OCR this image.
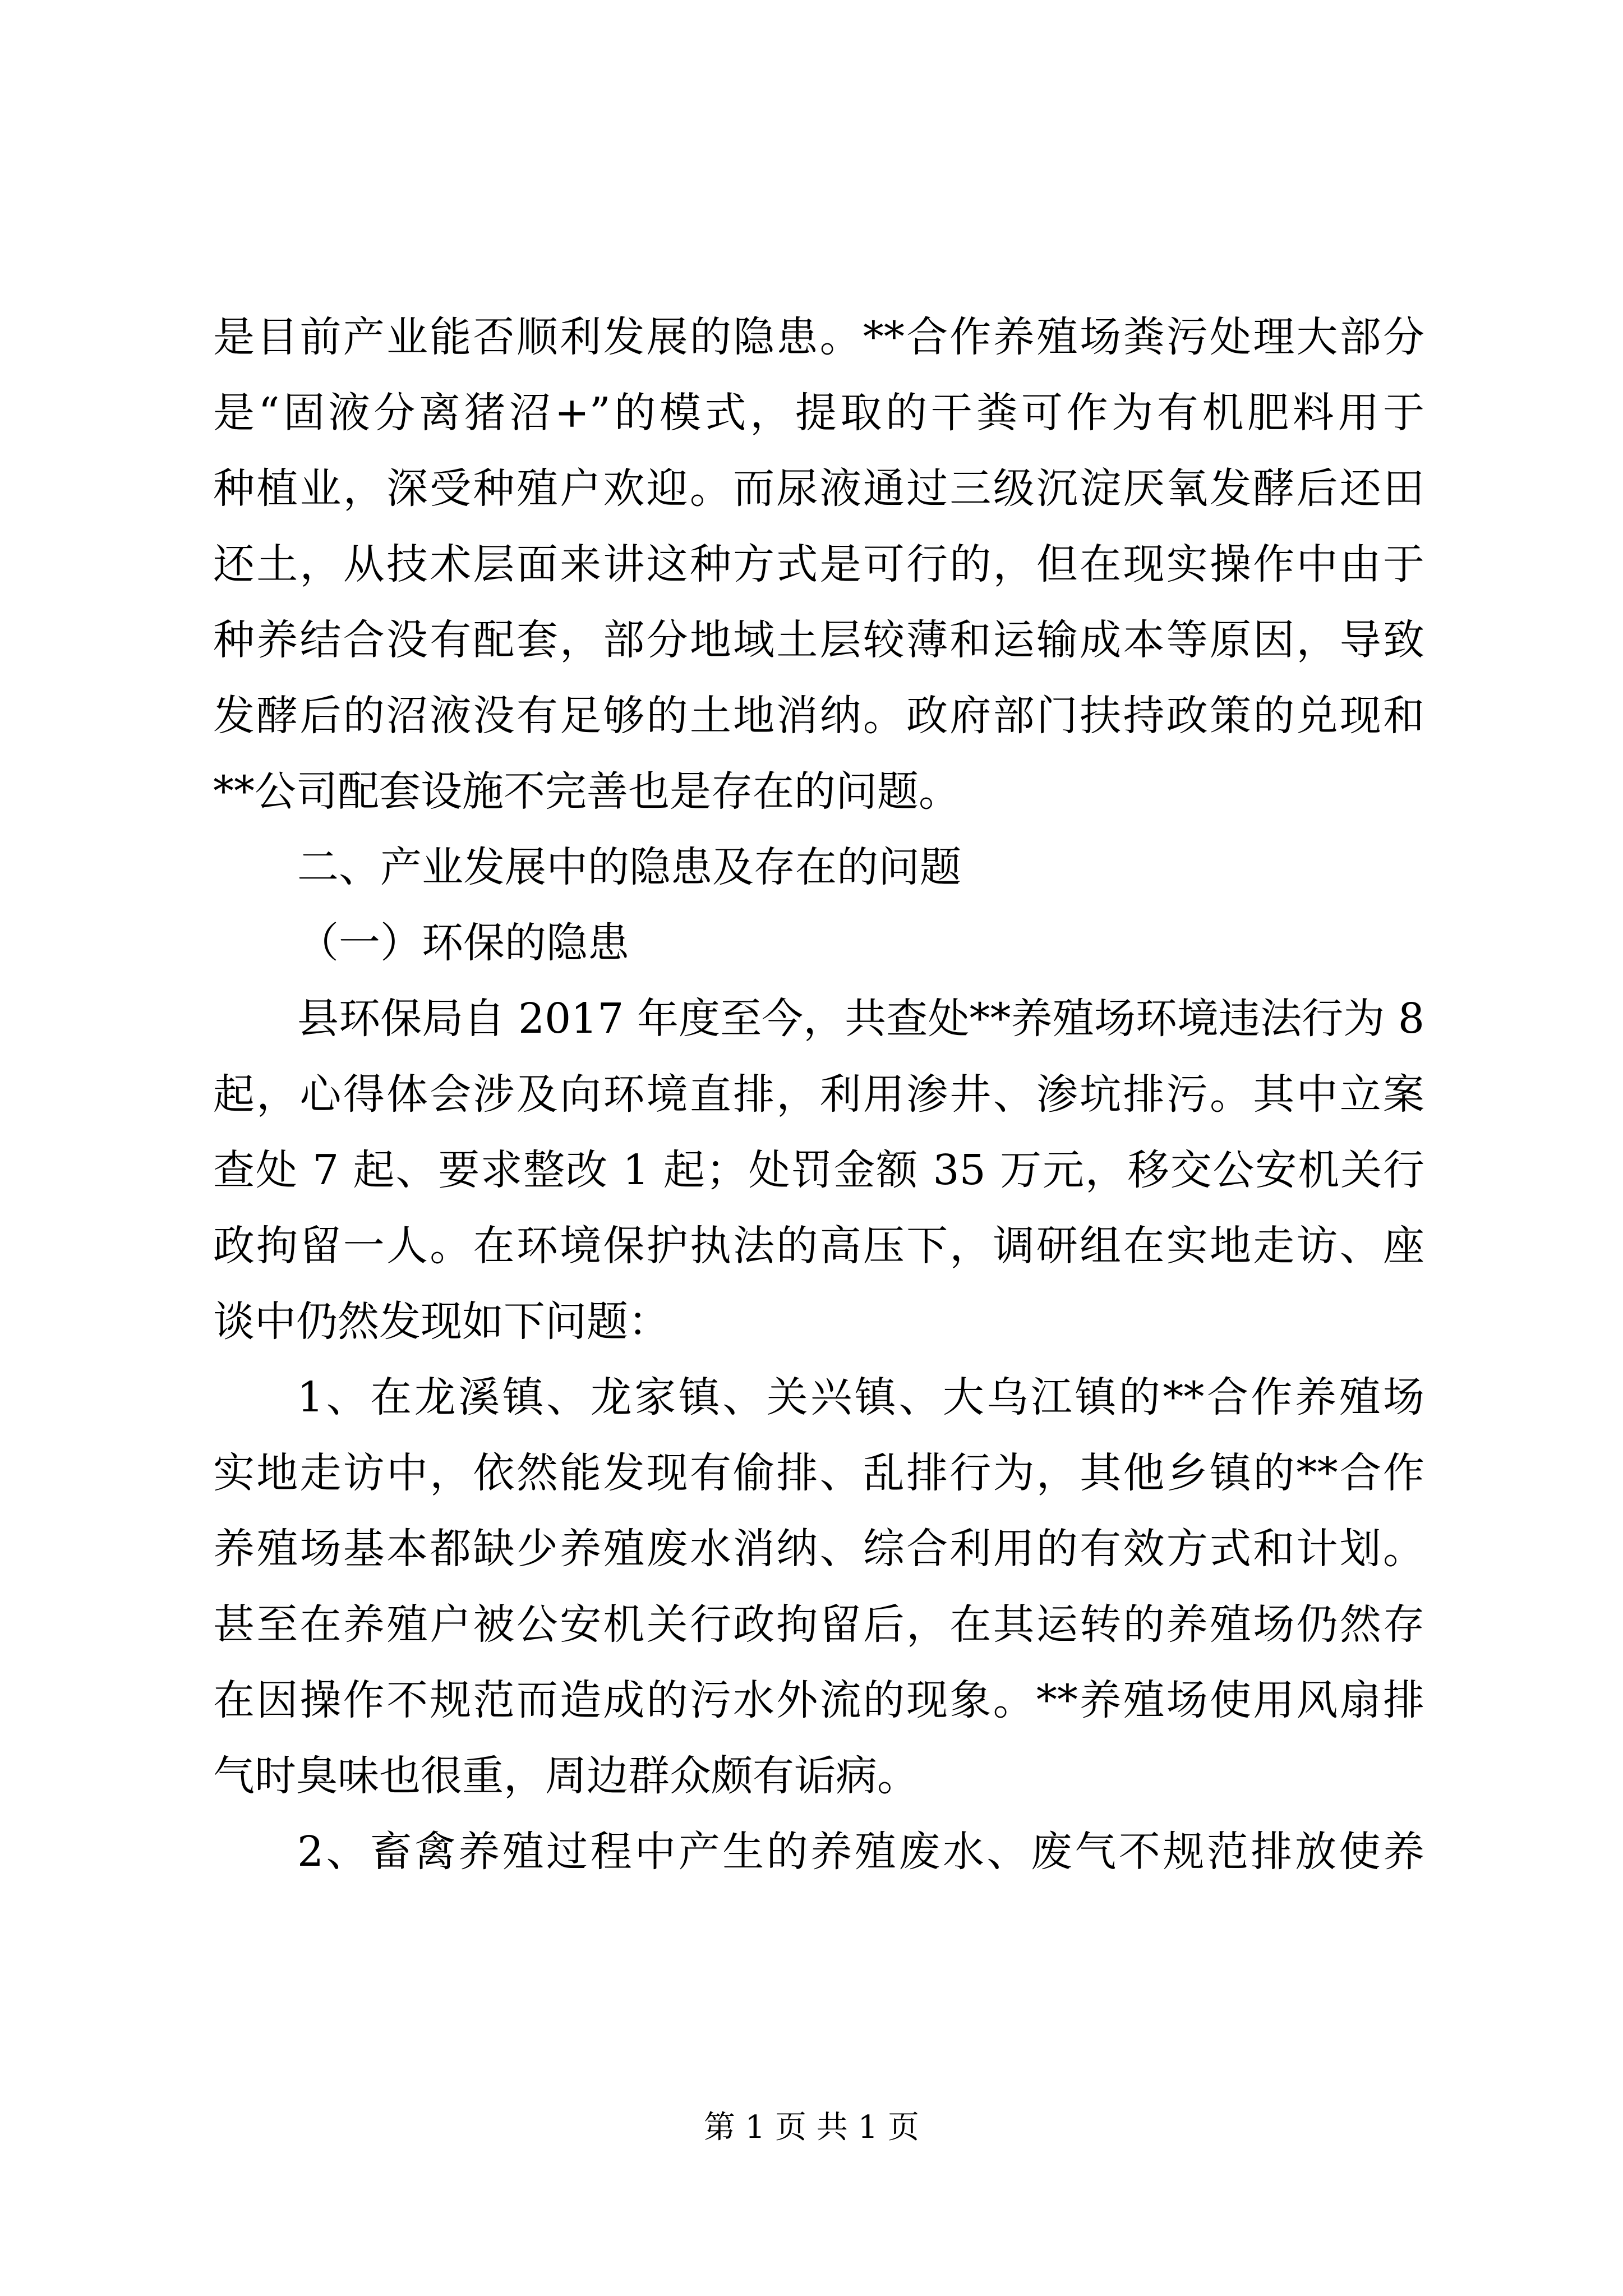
是目前产业能否顺利发展的隐患。**合作养殖场粪污处理大部分
是“固液分离猪沼+”的模式，提取的干粪可作为有机肥料用于
种植业，深受种殖户欢迎。而尿液通过三级沉淀厌氧发酵后还田
还土，从技术层面来讲这种方式是可行的，但在现实操作中由于
种养结合没有配套，部分地域土层较薄和运输成本等原因，导致
发酵后的沼液没有足够的土地消纳。政府部门扶持政策的兑现和
**公司配套设施不完善也是存在的问题。
二、产业发展中的隐患及存在的问题
（一）环保的隐患
县环保局自 2017 年度至今，共查处**养殖场环境违法行为 8
起，心得体会涉及向环境直排，利用渗井、渗坑排污。其中立案
查处 7 起、要求整改 1 起；处罚金额 35 万元，移交公安机关行
政拘留一人。在环境保护执法的高压下，调研组在实地走访、座
谈中仍然发现如下问题：
1、在龙溪镇、龙家镇、关兴镇、大乌江镇的**合作养殖场
实地走访中，依然能发现有偷排、乱排行为，其他乡镇的**合作
养殖场基本都缺少养殖废水消纳、综合利用的有效方式和计划。
甚至在养殖户被公安机关行政拘留后，在其运转的养殖场仍然存
在因操作不规范而造成的污水外流的现象。**养殖场使用风扇排
气时臭味也很重，周边群众颇有诟病。
2、畜禽养殖过程中产生的养殖废水、废气不规范排放使养
第 1 页 共 1 页
